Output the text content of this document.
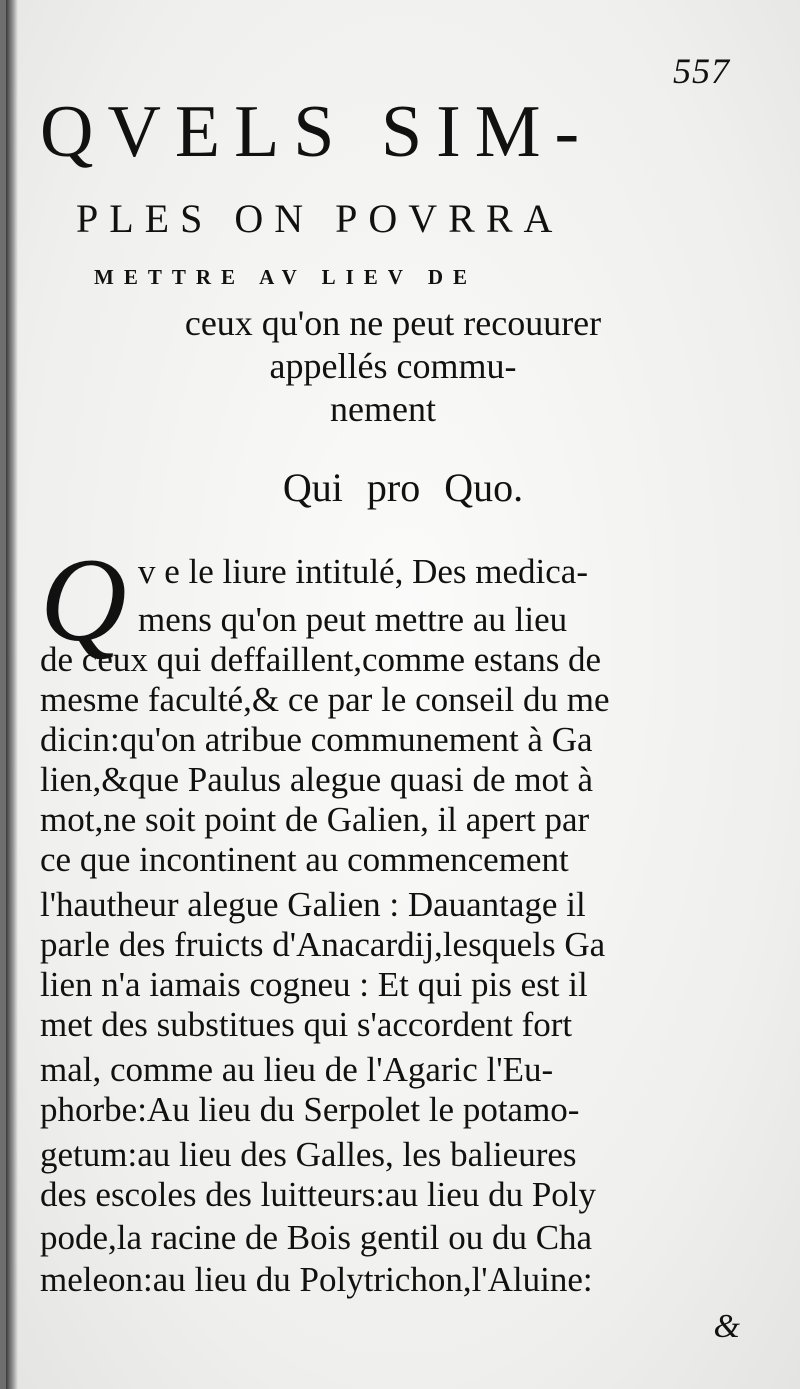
557
QVELS SIM-
PLES ON POVRRA
METTRE AV LIEV DE
ceux qu'on ne peut recouurer
appellés commu-
nement
Qui pro Quo.
Q v e le liure intitulé, Des medica-
mens qu'on peut mettre au lieu
de ceux qui deffaillent,comme estans de
mesme faculté,& ce par le conseil du me
dicin:qu'on atribue communement à Ga
lien,&que Paulus alegue quasi de mot à
mot,ne soit point de Galien, il apert par
ce que incontinent au commencement
l'hautheur alegue Galien : Dauantage il
parle des fruicts d'Anacardij,lesquels Ga
lien n'a iamais cogneu : Et qui pis est il
met des substitues qui s'accordent fort
mal, comme au lieu de l'Agaric l'Eu-
phorbe:Au lieu du Serpolet le potamo-
getum:au lieu des Galles, les balieures
des escoles des luitteurs:au lieu du Poly
pode,la racine de Bois gentil ou du Cha
meleon:au lieu du Polytrichon,l'Aluine:
&
